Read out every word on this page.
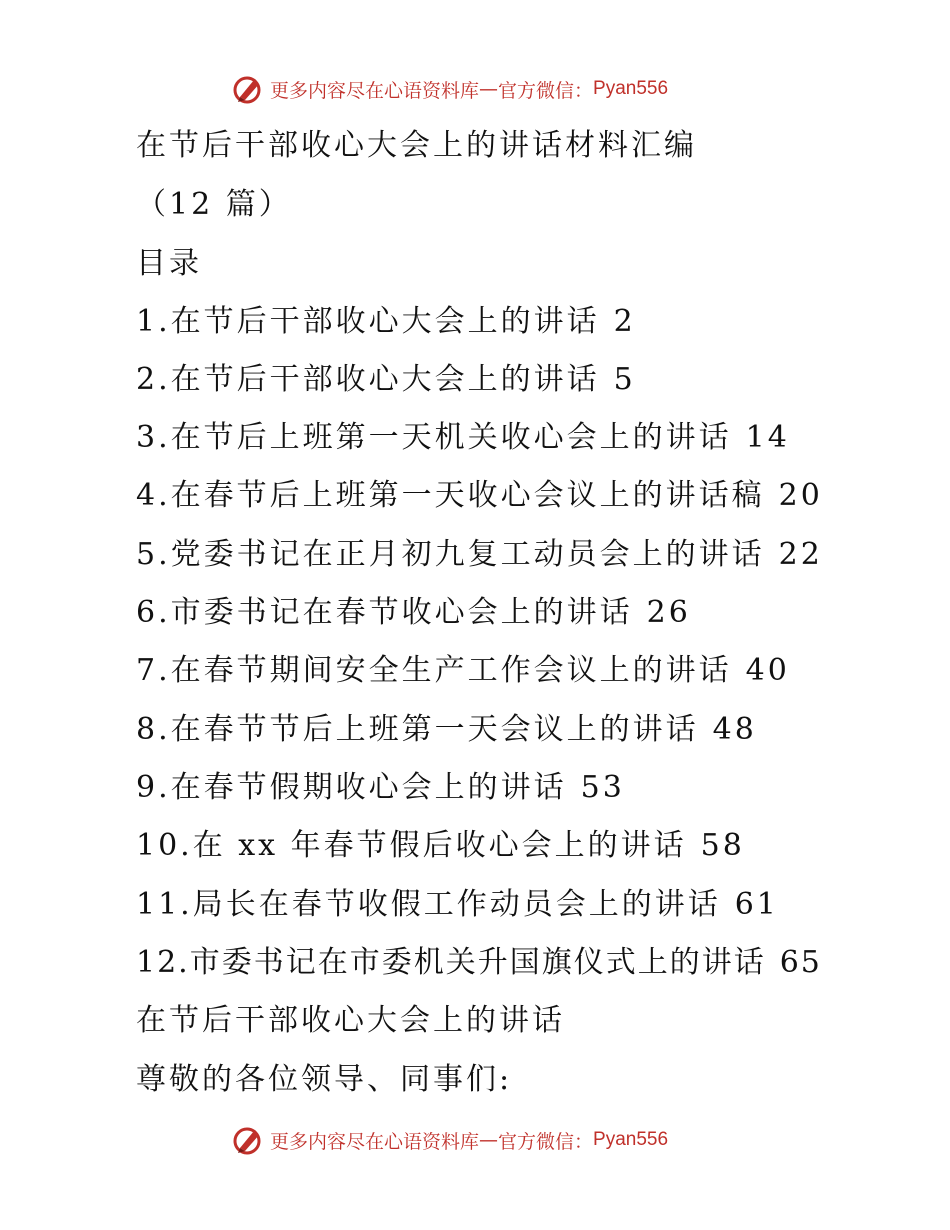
更多内容尽在心语资料库 — 官方微信： Pyan556
在节后干部收心大会上的讲话材料汇编
（12 篇）
目录
1.在节后干部收心大会上的讲话 2
2.在节后干部收心大会上的讲话 5
3.在节后上班第一天机关收心会上的讲话 14
4.在春节后上班第一天收心会议上的讲话稿 20
5.党委书记在正月初九复工动员会上的讲话 22
6.市委书记在春节收心会上的讲话 26
7.在春节期间安全生产工作会议上的讲话 40
8.在春节节后上班第一天会议上的讲话 48
9.在春节假期收心会上的讲话 53
10.在 xx 年春节假后收心会上的讲话 58
11.局长在春节收假工作动员会上的讲话 61
12.市委书记在市委机关升国旗仪式上的讲话 65
在节后干部收心大会上的讲话
尊敬的各位领导、同事们:
更多内容尽在心语资料库 — 官方微信： Pyan556
